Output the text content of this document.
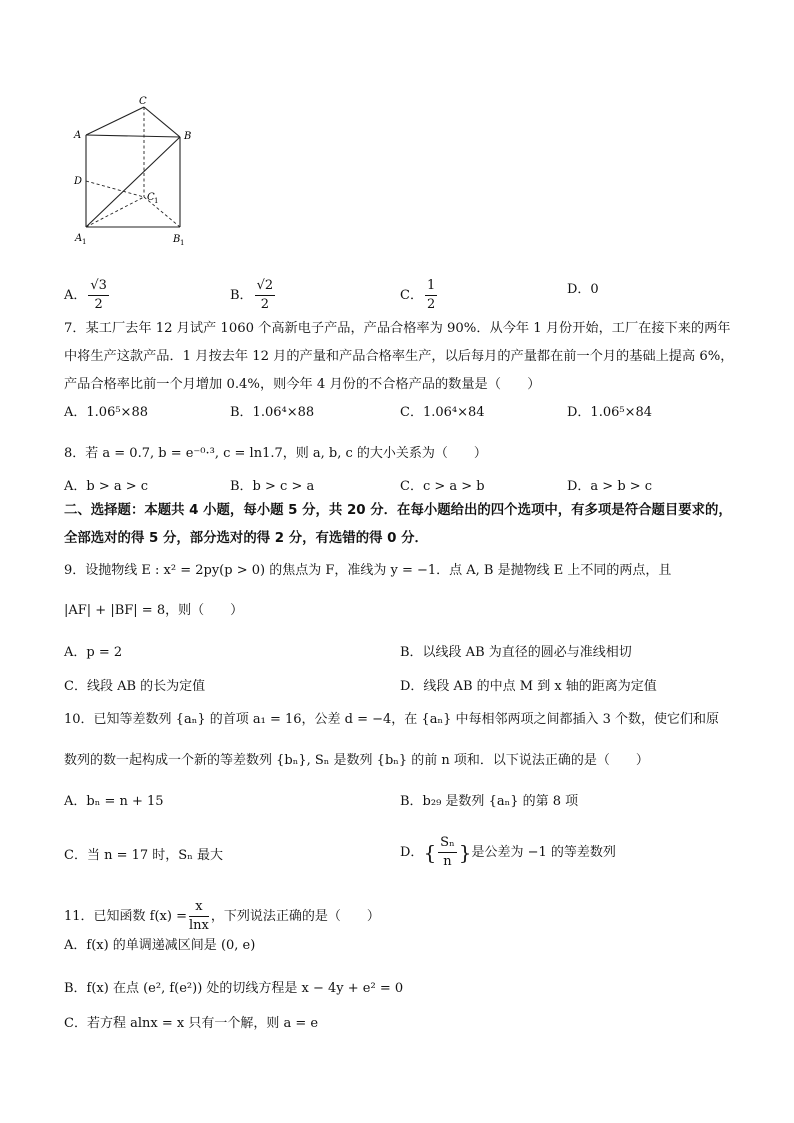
C
A	B
D
C 1
A 1	B 1
A． $\frac{√3}{2}$	B． $\frac{√2}{2}$	C． $\frac{1}{2}$	D．0
7．某工厂去年 12 月试产 1060 个高新电子产品，产品合格率为 90%．从今年 1 月份开始，工厂在接下来的两年中将生产这款产品．1 月按去年 12 月的产量和产品合格率生产，以后每月的产量都在前一个月的基础上提高 6%，产品合格率比前一个月增加 0.4%，则今年 4 月份的不合格产品的数量是（　　）
A．1.06⁵×88	B．1.06⁴×88	C．1.06⁴×84	D．1.06⁵×84
8．若 a = 0.7, b = e⁻⁰·³, c = ln1.7，则 a, b, c 的大小关系为（　　）
A．b > a > c	B．b > c > a	C．c > a > b	D．a > b > c
二、选择题：本题共 4 小题，每小题 5 分，共 20 分．在每小题给出的四个选项中，有多项是符合题目要求的，全部选对的得 5 分，部分选对的得 2 分，有选错的得 0 分．
9．设抛物线 E : x² = 2py(p > 0) 的焦点为 F，准线为 y = −1．点 A, B 是抛物线 E 上不同的两点，且
|AF| + |BF| = 8，则（　　）
A．p = 2	B．以线段 AB 为直径的圆必与准线相切
C．线段 AB 的长为定值	D．线段 AB 的中点 M 到 x 轴的距离为定值
10．已知等差数列 {aₙ} 的首项 a₁ = 16，公差 d = −4，在 {aₙ} 中每相邻两项之间都插入 3 个数，使它们和原
数列的数一起构成一个新的等差数列 {bₙ}, Sₙ 是数列 {bₙ} 的前 n 项和．以下说法正确的是（　　）
A．bₙ = n + 15	B．b₂₉ 是数列 {aₙ} 的第 8 项
C．当 n = 17 时，Sₙ 最大	D．{ $\frac{\text{Sₙ}}{n}$ }是公差为 −1 的等差数列
11．已知函数 $f(x) = \frac{x}{\ln x}$ ，下列说法正确的是（　　）
A．f(x) 的单调递减区间是 (0, e)
B．f(x) 在点 (e², f(e²)) 处的切线方程是 x − 4y + e² = 0
C．若方程 alnx = x 只有一个解，则 a = e
